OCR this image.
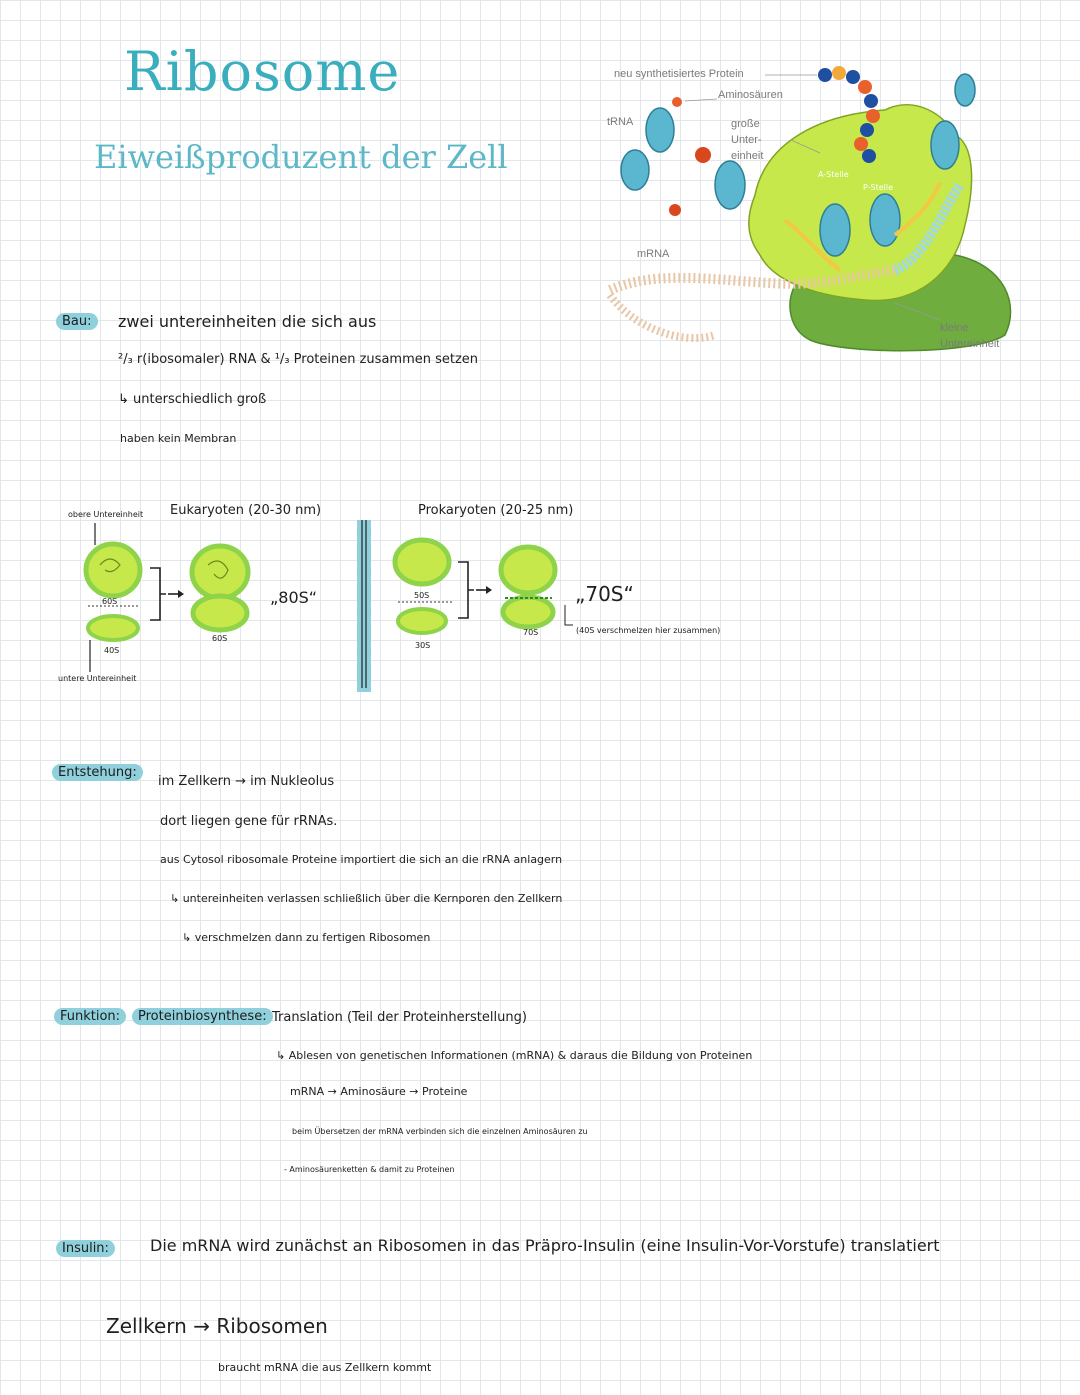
Ribosome
Eiweißproduzent der Zell
neu synthetisiertes Protein
Aminosäuren
tRNA	große
Unter-
einheit
A-Stelle
P-Stelle
mRNA
kleine
Untereinheit
Bau:	zwei untereinheiten die sich aus
²/₃ r(ibosomaler) RNA & ¹/₃ Proteinen zusammen setzen
↳ unterschiedlich groß
haben kein Membran
obere Untereinheit Eukaryoten (20-30 nm)	Prokaryoten (20-25 nm)
60S
40S
untere Untereinheit
60S
„80S“	50S
30S
70S
„70S“
(40S verschmelzen hier zusammen)
Entstehung:
im Zellkern → im Nukleolus
dort liegen gene für rRNAs.
aus Cytosol ribosomale Proteine importiert die sich an die rRNA anlagern
↳ untereinheiten verlassen schließlich über die Kernporen den Zellkern
↳ verschmelzen dann zu fertigen Ribosomen
Funktion:	Proteinbiosynthese: Translation (Teil der Proteinherstellung)
↳ Ablesen von genetischen Informationen (mRNA) & daraus die Bildung von Proteinen
mRNA → Aminosäure → Proteine
beim Übersetzen der mRNA verbinden sich die einzelnen Aminosäuren zu
- Aminosäurenketten & damit zu Proteinen
Insulin:	Die mRNA wird zunächst an Ribosomen in das Präpro-Insulin (eine Insulin-Vor-Vorstufe) translatiert
Zellkern → Ribosomen
braucht mRNA die aus Zellkern kommt
